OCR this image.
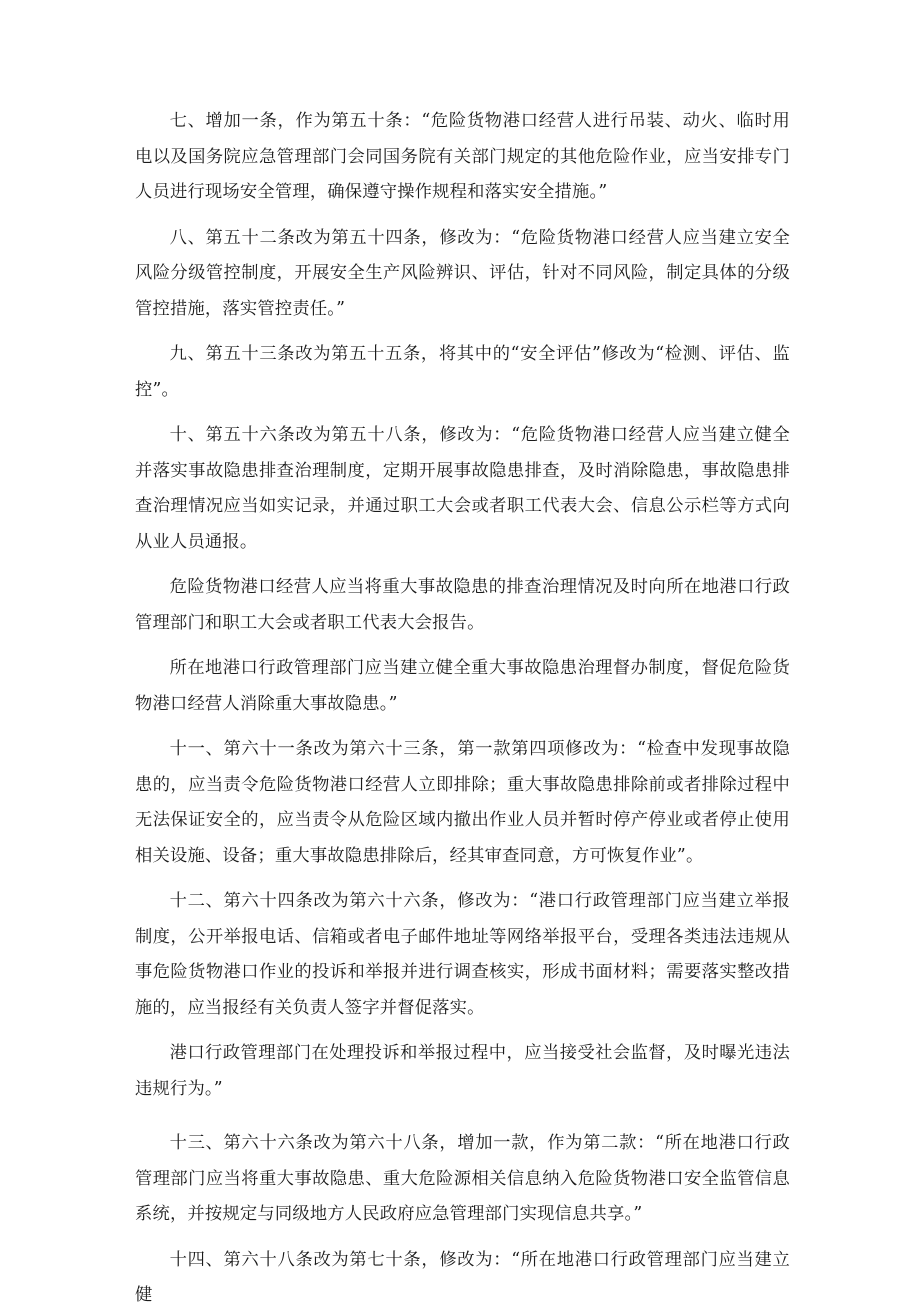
七、增加一条，作为第五十条：“危险货物港口经营人进行吊装、动火、临时用电以及国务院应急管理部门会同国务院有关部门规定的其他危险作业，应当安排专门人员进行现场安全管理，确保遵守操作规程和落实安全措施。”

八、第五十二条改为第五十四条，修改为：“危险货物港口经营人应当建立安全风险分级管控制度，开展安全生产风险辨识、评估，针对不同风险，制定具体的分级管控措施，落实管控责任。”

九、第五十三条改为第五十五条，将其中的“安全评估”修改为“检测、评估、监控”。

十、第五十六条改为第五十八条，修改为：“危险货物港口经营人应当建立健全并落实事故隐患排查治理制度，定期开展事故隐患排查，及时消除隐患，事故隐患排查治理情况应当如实记录，并通过职工大会或者职工代表大会、信息公示栏等方式向从业人员通报。

危险货物港口经营人应当将重大事故隐患的排查治理情况及时向所在地港口行政管理部门和职工大会或者职工代表大会报告。

所在地港口行政管理部门应当建立健全重大事故隐患治理督办制度，督促危险货物港口经营人消除重大事故隐患。”

十一、第六十一条改为第六十三条，第一款第四项修改为：“检查中发现事故隐患的，应当责令危险货物港口经营人立即排除；重大事故隐患排除前或者排除过程中无法保证安全的，应当责令从危险区域内撤出作业人员并暂时停产停业或者停止使用相关设施、设备；重大事故隐患排除后，经其审查同意，方可恢复作业”。

十二、第六十四条改为第六十六条，修改为：“港口行政管理部门应当建立举报制度，公开举报电话、信箱或者电子邮件地址等网络举报平台，受理各类违法违规从事危险货物港口作业的投诉和举报并进行调查核实，形成书面材料；需要落实整改措施的，应当报经有关负责人签字并督促落实。

港口行政管理部门在处理投诉和举报过程中，应当接受社会监督，及时曝光违法违规行为。”

十三、第六十六条改为第六十八条，增加一款，作为第二款：“所在地港口行政管理部门应当将重大事故隐患、重大危险源相关信息纳入危险货物港口安全监管信息系统，并按规定与同级地方人民政府应急管理部门实现信息共享。”

十四、第六十八条改为第七十条，修改为：“所在地港口行政管理部门应当建立健
